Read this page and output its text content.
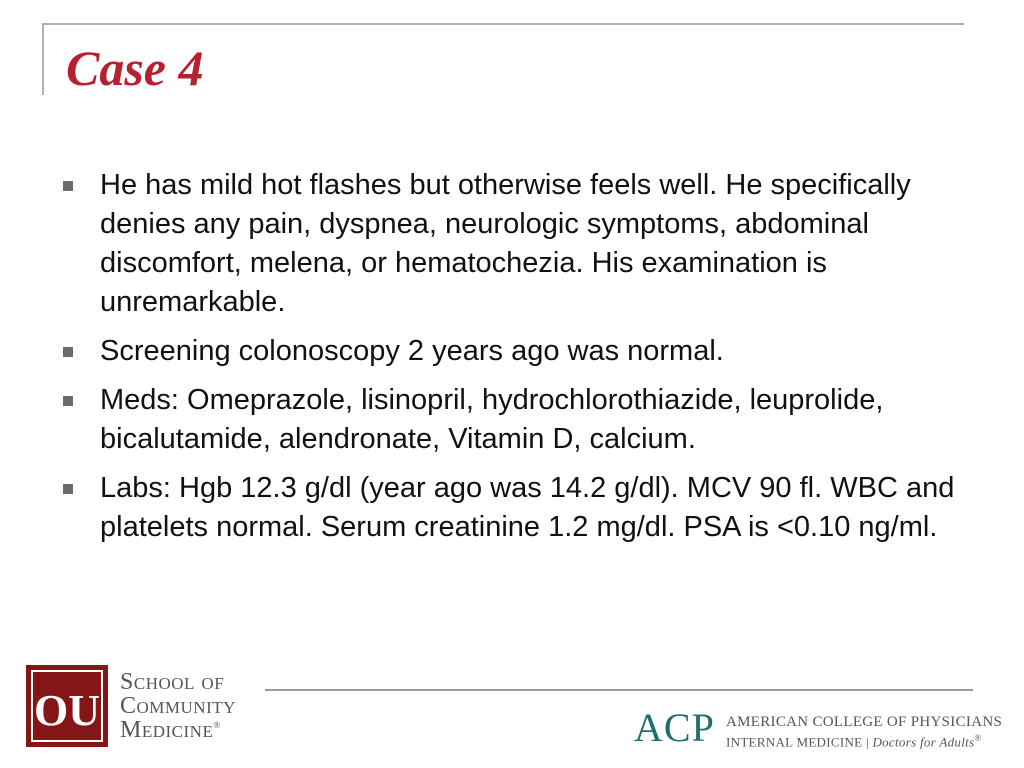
Case 4
He has mild hot flashes but otherwise feels well. He specifically denies any pain, dyspnea, neurologic symptoms, abdominal discomfort, melena, or hematochezia. His examination is unremarkable.
Screening colonoscopy 2 years ago was normal.
Meds: Omeprazole, lisinopril, hydrochlorothiazide, leuprolide, bicalutamide, alendronate, Vitamin D, calcium.
Labs: Hgb 12.3 g/dl (year ago was 14.2 g/dl). MCV 90 fl. WBC and platelets normal. Serum creatinine 1.2 mg/dl. PSA is <0.10 ng/ml.
OU
SCHOOL OF
COMMUNITY
MEDICINE®	ACP AMERICAN COLLEGE OF PHYSICIANS
INTERNAL MEDICINE | Doctors for Adults®
